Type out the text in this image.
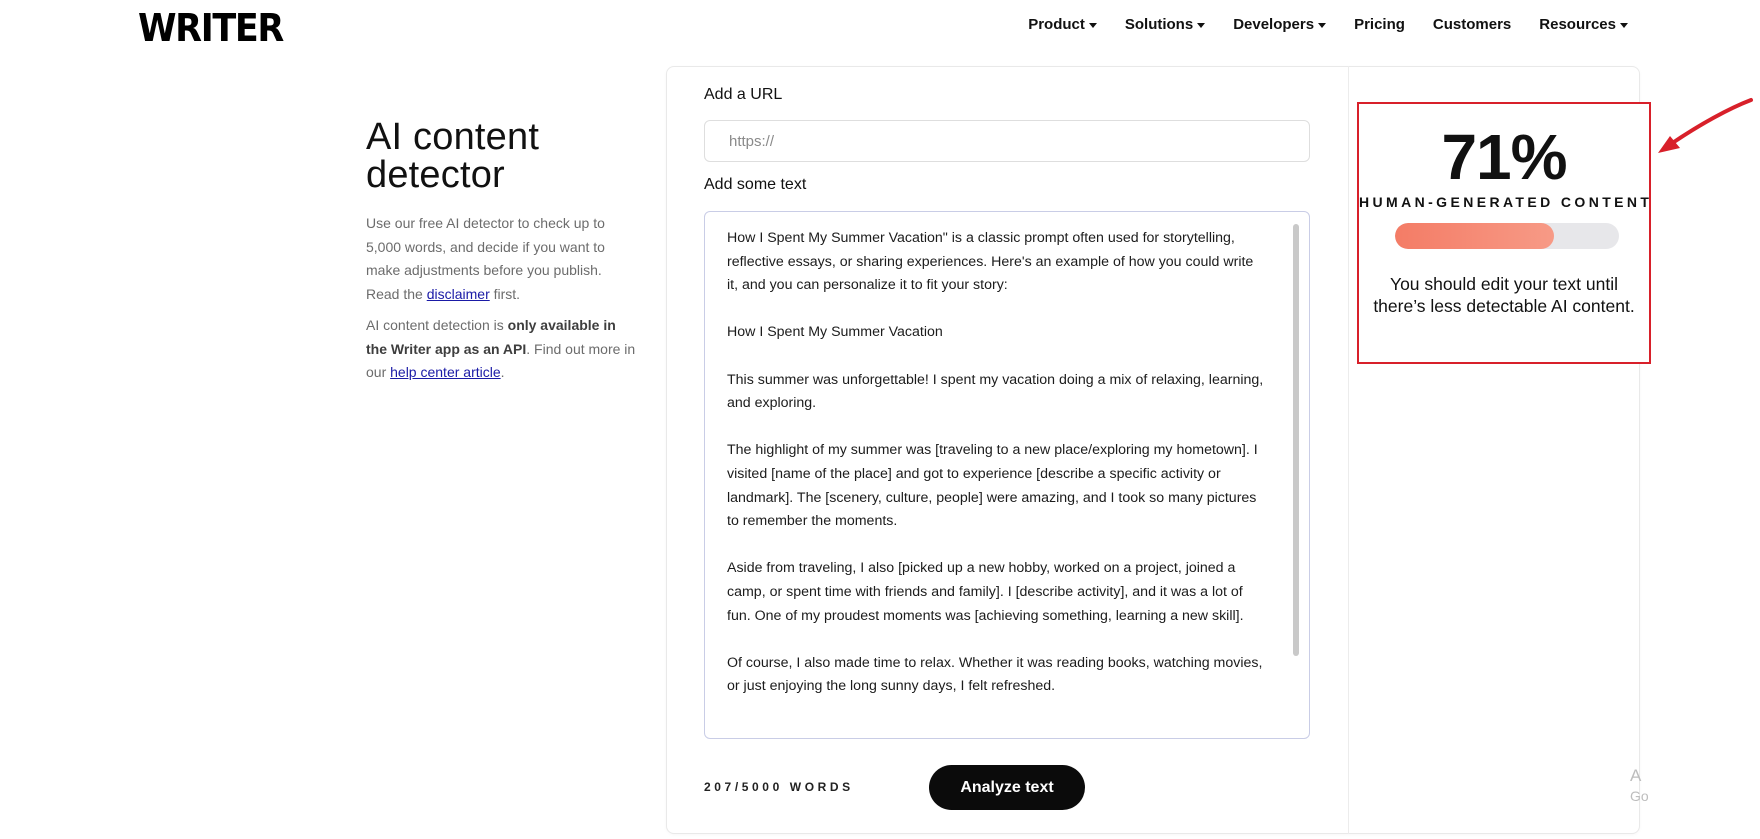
WRITER	Product	Solutions	Developers	Pricing Customers Resources
AI content
detector

Use our free AI detector to check up to 5,000 words, and decide if you want to make adjustments before you publish. Read the disclaimer first.

AI content detection is only available in the Writer app as an API. Find out more in our help center article.

Add a URL
https://
Add some text

How I Spent My Summer Vacation" is a classic prompt often used for storytelling, reflective essays, or sharing experiences. Here's an example of how you could write it, and you can personalize it to fit your story:

How I Spent My Summer Vacation

This summer was unforgettable! I spent my vacation doing a mix of relaxing, learning, and exploring.

The highlight of my summer was [traveling to a new place/exploring my hometown]. I visited [name of the place] and got to experience [describe a specific activity or landmark]. The [scenery, culture, people] were amazing, and I took so many pictures to remember the moments.

Aside from traveling, I also [picked up a new hobby, worked on a project, joined a camp, or spent time with friends and family]. I [describe activity], and it was a lot of fun. One of my proudest moments was [achieving something, learning a new skill].

Of course, I also made time to relax. Whether it was reading books, watching movies, or just enjoying the long sunny days, I felt refreshed.

207/5000 WORDS	Analyze text
71%
HUMAN-GENERATED CONTENT
You should edit your text until there’s less detectable AI content.
A
Go
